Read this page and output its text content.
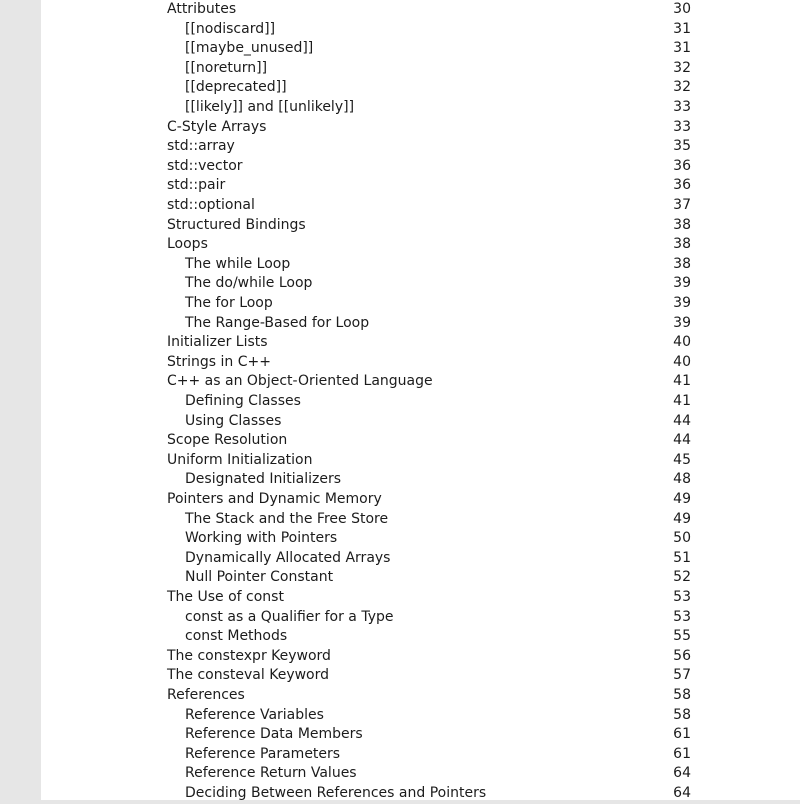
Attributes	30
[[nodiscard]]	31
[[maybe_unused]]	31
[[noreturn]]	32
[[deprecated]]	32
[[likely]] and [[unlikely]]	33
C-Style Arrays	33
std::array	35
std::vector	36
std::pair	36
std::optional	37
Structured Bindings	38
Loops	38
The while Loop	38
The do/while Loop	39
The for Loop	39
The Range-Based for Loop	39
Initializer Lists	40
Strings in C++	40
C++ as an Object-Oriented Language	41
Defining Classes	41
Using Classes	44
Scope Resolution	44
Uniform Initialization	45
Designated Initializers	48
Pointers and Dynamic Memory	49
The Stack and the Free Store	49
Working with Pointers	50
Dynamically Allocated Arrays	51
Null Pointer Constant	52
The Use of const	53
const as a Qualifier for a Type	53
const Methods	55
The constexpr Keyword	56
The consteval Keyword	57
References	58
Reference Variables	58
Reference Data Members	61
Reference Parameters	61
Reference Return Values	64
Deciding Between References and Pointers	64
